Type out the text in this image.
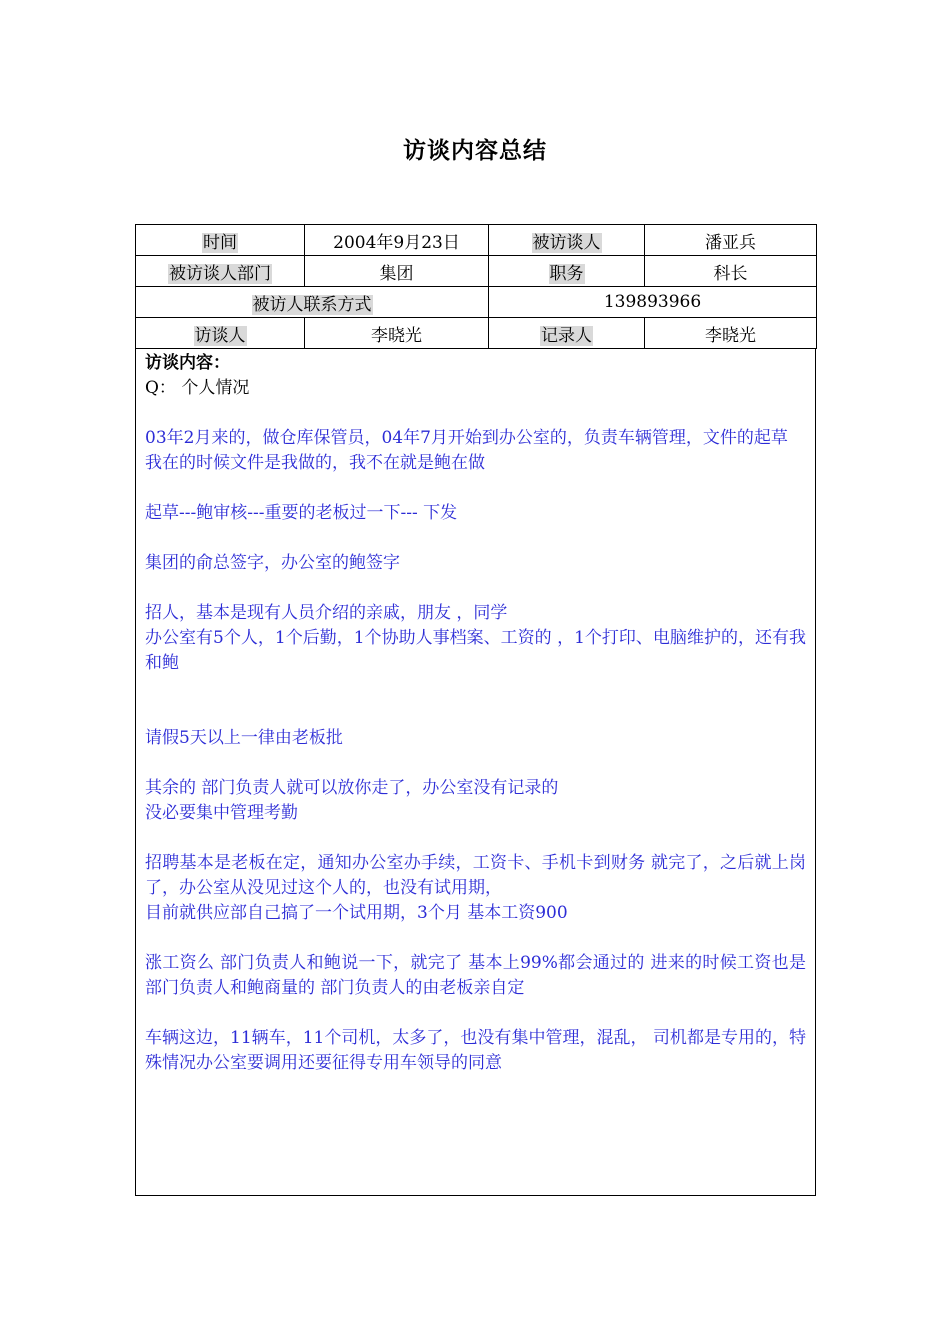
访谈内容总结
时间	2004年9月23日	被访谈人	潘亚兵
被访谈人部门	集团	职务	科长
被访人联系方式		139893966	
访谈人	李晓光	记录人	李晓光
访谈内容：
Q： 个人情况
03年2月来的，做仓库保管员，04年7月开始到办公室的，负责车辆管理，文件的起草
我在的时候文件是我做的，我不在就是鲍在做
起草---鲍审核---重要的老板过一下--- 下发
集团的俞总签字，办公室的鲍签字
招人，基本是现有人员介绍的亲戚，朋友 ，同学
办公室有5个人，1个后勤，1个协助人事档案、工资的 ，1个打印、电脑维护的，还有我和鲍
请假5天以上一律由老板批
其余的 部门负责人就可以放你走了，办公室没有记录的
没必要集中管理考勤
招聘基本是老板在定，通知办公室办手续，工资卡、手机卡到财务 就完了，之后就上岗了，办公室从没见过这个人的，也没有试用期，
目前就供应部自己搞了一个试用期，3个月 基本工资900
涨工资么 部门负责人和鲍说一下，就完了 基本上99%都会通过的 进来的时候工资也是部门负责人和鲍商量的 部门负责人的由老板亲自定
车辆这边，11辆车，11个司机，太多了，也没有集中管理，混乱， 司机都是专用的，特殊情况办公室要调用还要征得专用车领导的同意
